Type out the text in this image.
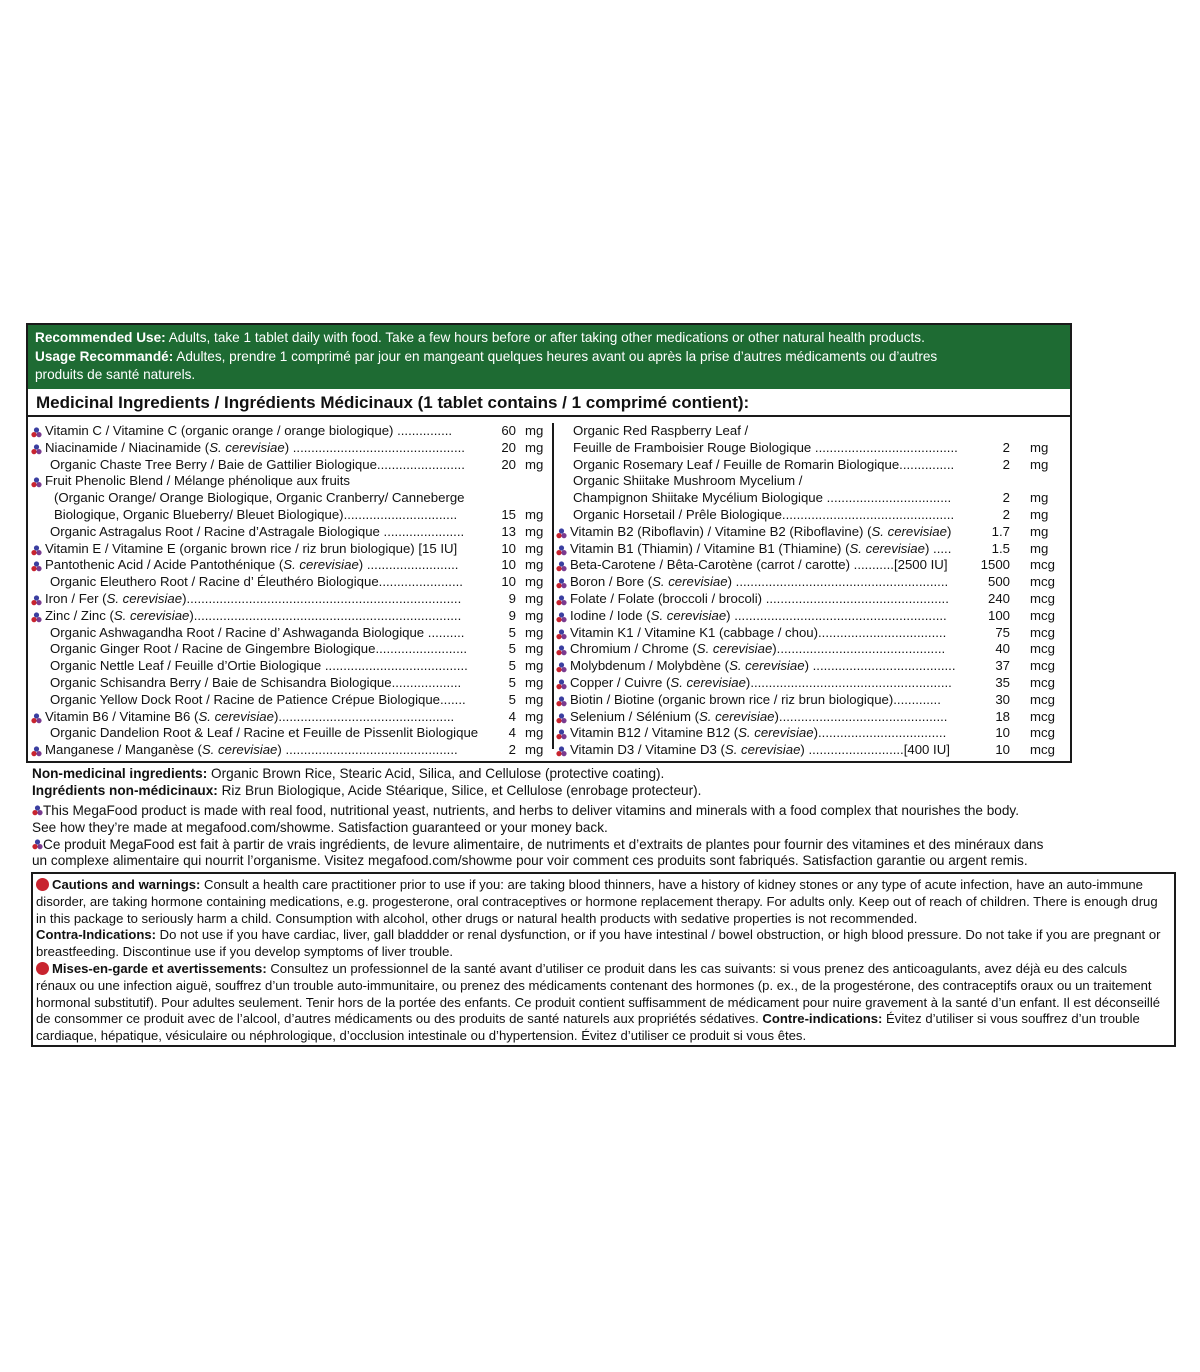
Recommended Use: Adults, take 1 tablet daily with food. Take a few hours before or after taking other medications or other natural health products.
Usage Recommandé: Adultes, prendre 1 comprimé par jour en mangeant quelques heures avant ou après la prise d’autres médicaments ou d’autres
produits de santé naturels.
Medicinal Ingredients / Ingrédients Médicinaux (1 tablet contains / 1 comprimé contient):
Vitamin C / Vitamine C (organic orange / orange biologique) ...............	60 mg
Niacinamide / Niacinamide (S. cerevisiae) ...............................................	20 mg
Organic Chaste Tree Berry / Baie de Gattilier Biologique........................	20 mg
Fruit Phenolic Blend / Mélange phénolique aux fruits
(Organic Orange/ Orange Biologique, Organic Cranberry/ Canneberge
Biologique, Organic Blueberry/ Bleuet Biologique)...............................	15 mg
Organic Astragalus Root / Racine d’Astragale Biologique ......................	13 mg
Vitamin E / Vitamine E (organic brown rice / riz brun biologique) [15 IU]	10 mg
Pantothenic Acid / Acide Pantothénique (S. cerevisiae) .........................	10 mg
Organic Eleuthero Root / Racine d’ Éleuthéro Biologique.......................	10 mg
Iron / Fer (S. cerevisiae)...........................................................................	9 mg
Zinc / Zinc (S. cerevisiae).........................................................................	9 mg
Organic Ashwagandha Root / Racine d’ Ashwaganda Biologique ..........	5 mg
Organic Ginger Root / Racine de Gingembre Biologique.........................	5 mg
Organic Nettle Leaf / Feuille d’Ortie Biologique .......................................	5 mg
Organic Schisandra Berry / Baie de Schisandra Biologique...................	5 mg
Organic Yellow Dock Root / Racine de Patience Crépue Biologique.......	5 mg
Vitamin B6 / Vitamine B6 (S. cerevisiae)................................................	4 mg
Organic Dandelion Root & Leaf / Racine et Feuille de Pissenlit Biologique 4 mg
Manganese / Manganèse (S. cerevisiae) ...............................................	2 mg
Organic Red Raspberry Leaf /
Feuille de Framboisier Rouge Biologique .......................................	2 mg
Organic Rosemary Leaf / Feuille de Romarin Biologique...............	2 mg
Organic Shiitake Mushroom Mycelium /
Champignon Shiitake Mycélium Biologique ..................................	2 mg
Organic Horsetail / Prêle Biologique...............................................	2 mg
Vitamin B2 (Riboflavin) / Vitamine B2 (Riboflavine) (S. cerevisiae)	1.7 mg
Vitamin B1 (Thiamin) / Vitamine B1 (Thiamine) (S. cerevisiae) .....	1.5 mg
Beta-Carotene / Bêta-Carotène (carrot / carotte) ...........[2500 IU]	1500 mcg
Boron / Bore (S. cerevisiae) ..........................................................	500 mcg
Folate / Folate (broccoli / brocoli) ..................................................	240 mcg
Iodine / Iode (S. cerevisiae) ..........................................................	100 mcg
Vitamin K1 / Vitamine K1 (cabbage / chou)...................................	75 mcg
Chromium / Chrome (S. cerevisiae)..............................................	40 mcg
Molybdenum / Molybdène (S. cerevisiae) .......................................	37 mcg
Copper / Cuivre (S. cerevisiae).......................................................	35 mcg
Biotin / Biotine (organic brown rice / riz brun biologique).............	30 mcg
Selenium / Sélénium (S. cerevisiae)..............................................	18 mcg
Vitamin B12 / Vitamine B12 (S. cerevisiae)...................................	10 mcg
Vitamin D3 / Vitamine D3 (S. cerevisiae) ..........................[400 IU]	10 mcg
Non-medicinal ingredients: Organic Brown Rice, Stearic Acid, Silica, and Cellulose (protective coating).
Ingrédients non-médicinaux: Riz Brun Biologique, Acide Stéarique, Silice, et Cellulose (enrobage protecteur).
This MegaFood product is made with real food, nutritional yeast, nutrients, and herbs to deliver vitamins and minerals with a food complex that nourishes the body.
See how they’re made at megafood.com/showme. Satisfaction guaranteed or your money back.
Ce produit MegaFood est fait à partir de vrais ingrédients, de levure alimentaire, de nutriments et d’extraits de plantes pour fournir des vitamines et des minéraux dans
un complexe alimentaire qui nourrit l’organisme. Visitez megafood.com/showme pour voir comment ces produits sont fabriqués. Satisfaction garantie ou argent remis.
Cautions and warnings: Consult a health care practitioner prior to use if you: are taking blood thinners, have a history of kidney stones or any type of acute infection, have an auto-immune disorder, are taking hormone containing medications, e.g. progesterone, oral contraceptives or hormone replacement therapy. For adults only. Keep out of reach of children. There is enough drug in this package to seriously harm a child. Consumption with alcohol, other drugs or natural health products with sedative properties is not recommended.
Contra-Indications: Do not use if you have cardiac, liver, gall bladdder or renal dysfunction, or if you have intestinal / bowel obstruction, or high blood pressure. Do not take if you are pregnant or breastfeeding. Discontinue use if you develop symptoms of liver trouble.
Mises-en-garde et avertissements: Consultez un professionnel de la santé avant d’utiliser ce produit dans les cas suivants: si vous prenez des anticoagulants, avez déjà eu des calculs rénaux ou une infection aiguë, souffrez d’un trouble auto-immunitaire, ou prenez des médicaments contenant des hormones (p. ex., de la progestérone, des contraceptifs oraux ou un traitement hormonal substitutif). Pour adultes seulement. Tenir hors de la portée des enfants. Ce produit contient suffisamment de médicament pour nuire gravement à la santé d’un enfant. Il est déconseillé de consommer ce produit avec de l’alcool, d’autres médicaments ou des produits de santé naturels aux propriétés sédatives. Contre-indications: Évitez d’utiliser si vous souffrez d’un trouble cardiaque, hépatique, vésiculaire ou néphrologique, d’occlusion intestinale ou d’hypertension. Évitez d’utiliser ce produit si vous êtes.
